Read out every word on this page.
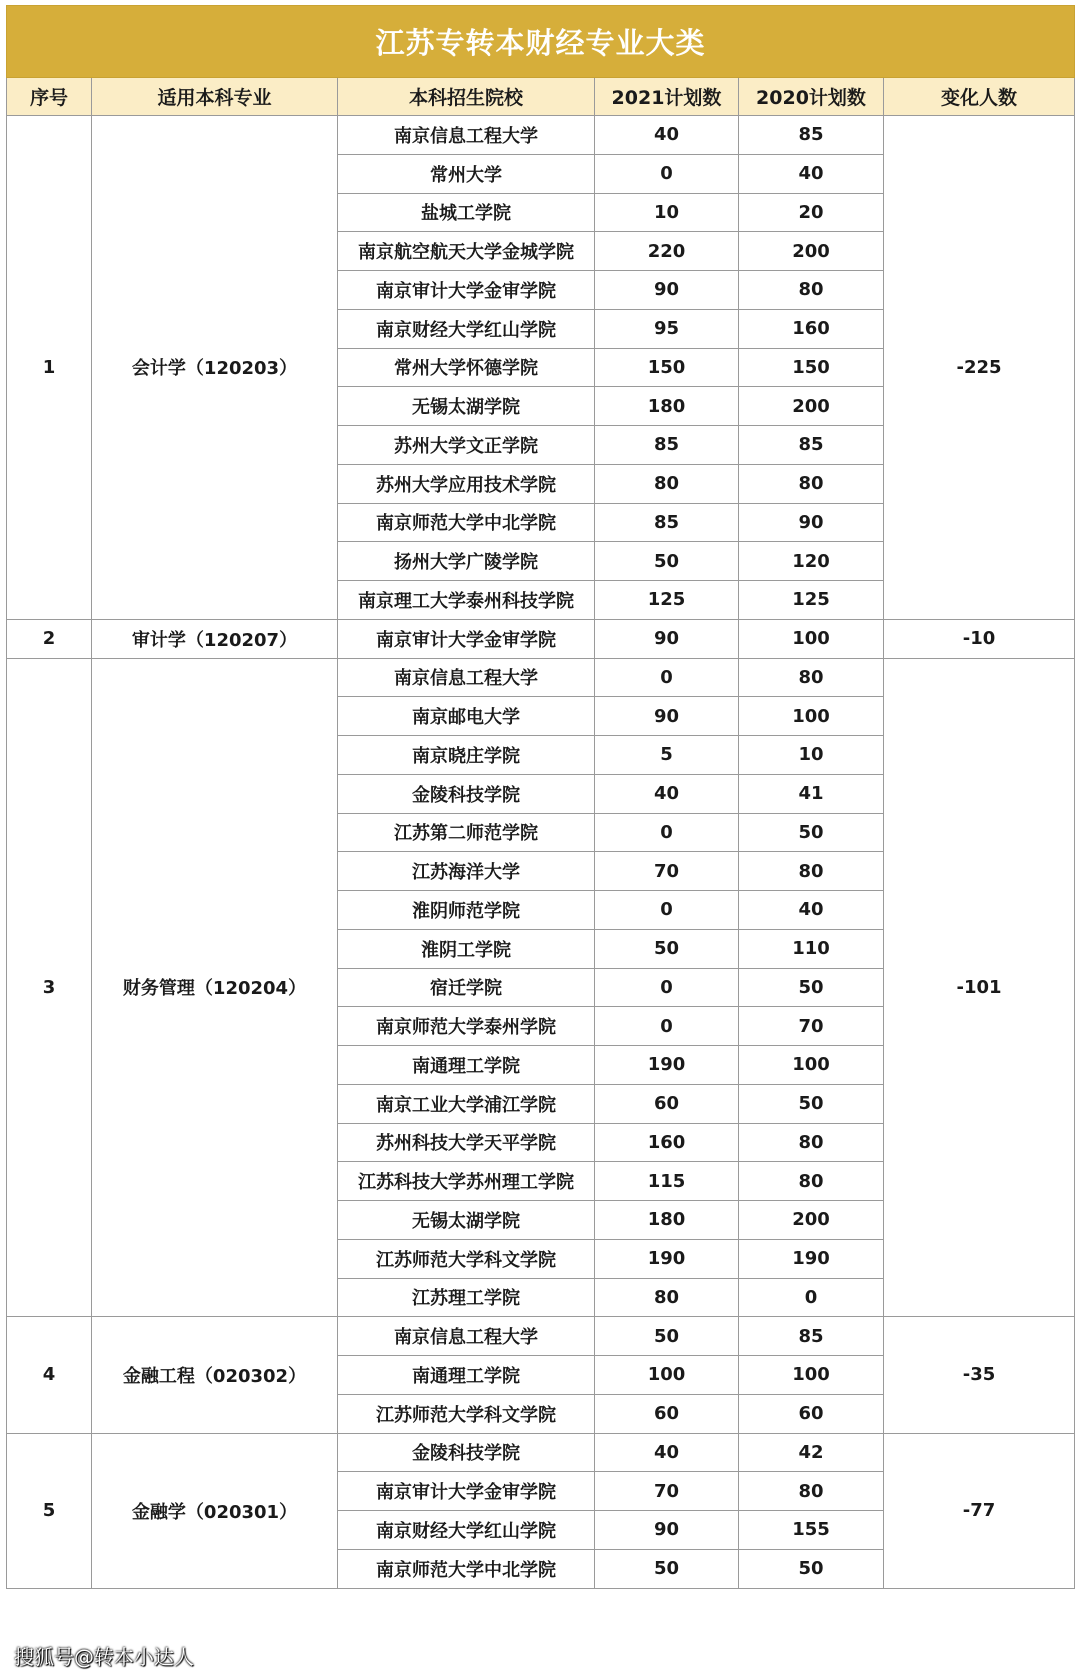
江苏专转本财经专业大类					
序号	适用本科专业	本科招生院校	2021计划数	2020计划数	变化人数
1	会计学（120203）	南京信息工程大学	40	85	-225
		常州大学	0	40	
		盐城工学院	10	20	
		南京航空航天大学金城学院	220	200	
		南京审计大学金审学院	90	80	
		南京财经大学红山学院	95	160	
		常州大学怀德学院	150	150	
		无锡太湖学院	180	200	
		苏州大学文正学院	85	85	
		苏州大学应用技术学院	80	80	
		南京师范大学中北学院	85	90	
		扬州大学广陵学院	50	120	
		南京理工大学泰州科技学院	125	125	
2	审计学（120207）	南京审计大学金审学院	90	100	-10
3	财务管理（120204）	南京信息工程大学	0	80	-101
		南京邮电大学	90	100	
		南京晓庄学院	5	10	
		金陵科技学院	40	41	
		江苏第二师范学院	0	50	
		江苏海洋大学	70	80	
		淮阴师范学院	0	40	
		淮阴工学院	50	110	
		宿迁学院	0	50	
		南京师范大学泰州学院	0	70	
		南通理工学院	190	100	
		南京工业大学浦江学院	60	50	
		苏州科技大学天平学院	160	80	
		江苏科技大学苏州理工学院	115	80	
		无锡太湖学院	180	200	
		江苏师范大学科文学院	190	190	
		江苏理工学院	80	0	
4	金融工程（020302）	南京信息工程大学	50	85	-35
		南通理工学院	100	100	
		江苏师范大学科文学院	60	60	
5	金融学（020301）	金陵科技学院	40	42	-77
		南京审计大学金审学院	70	80	
		南京财经大学红山学院	90	155	
		南京师范大学中北学院	50	50	
搜狐号@转本小达人
